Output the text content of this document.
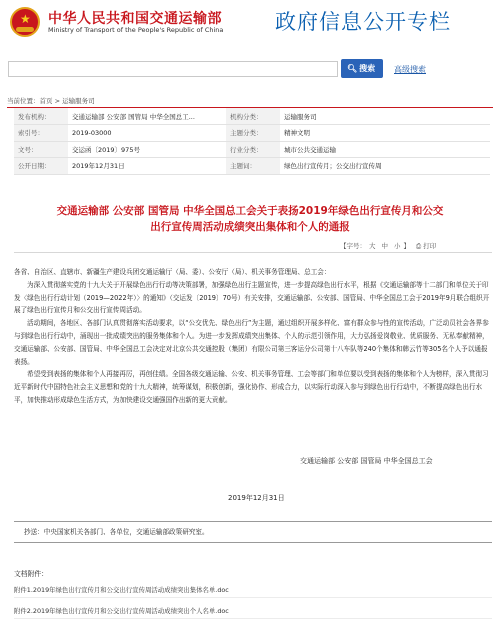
★ 中华人民共和国交通运输部
Ministry of Transport of the People's Republic of China 政府信息公开专栏
🔍︎ 搜索	高级搜索
当前位置：首页 > 运输服务司
发布机构：	交通运输部 公安部 国管局 中华全国总工...	机构分类：	运输服务司
索引号：	2019-03000	主题分类：	精神文明
文号：	交运函〔2019〕975号	行业分类：	城市公共交通运输
公开日期：	2019年12月31日	主题词：	绿色出行宣传月；公交出行宣传周
交通运输部 公安部 国管局 中华全国总工会关于表扬2019年绿色出行宣传月和公交
出行宣传周活动成绩突出集体和个人的通报
【字号： 大 中 小 】 ⎙ 打印

各省、自治区、直辖市、新疆生产建设兵团交通运输厅（局、委）、公安厅（局）、机关事务管理局、总工会：

为深入贯彻落实党的十九大关于开展绿色出行行动等决策部署，加强绿色出行主题宣传，进一步提高绿色出行水平，根据《交通运输部等十二部门和单位关于印发〈绿色出行行动计划（2019—2022年）〉的通知》（交运发〔2019〕70号）有关安排，交通运输部、公安部、国管局、中华全国总工会于2019年9月联合组织开展了绿色出行宣传月和公交出行宣传周活动。

活动期间，各地区、各部门认真贯彻落实活动要求，以“公交优先、绿色出行”为主题，通过组织开展多样化、富有群众参与性的宣传活动，广泛动员社会各界参与到绿色出行行动中，涌现出一批成绩突出的服务集体和个人。为进一步发挥成绩突出集体、个人的示范引领作用，大力弘扬爱岗敬业、优质服务、无私奉献精神，交通运输部、公安部、国管局、中华全国总工会决定对北京公共交通控股（集团）有限公司第三客运分公司第十八车队等240个集体和韩云竹等305名个人予以通报表扬。

希望受到表扬的集体和个人再接再厉，再创佳绩。全国各级交通运输、公安、机关事务管理、工会等部门和单位要以受到表扬的集体和个人为榜样，深入贯彻习近平新时代中国特色社会主义思想和党的十九大精神，统筹谋划，积极创新，强化协作、形成合力，以实际行动深入参与到绿色出行行动中，不断提高绿色出行水平，加快推动形成绿色生活方式，为加快建设交通强国作出新的更大贡献。

交通运输部 公安部 国管局 中华全国总工会
2019年12月31日
抄送：中央国家机关各部门、各单位，交通运输部政策研究室。
文档附件：
附件1.2019年绿色出行宣传月和公交出行宣传周活动成绩突出集体名单.doc
附件2.2019年绿色出行宣传月和公交出行宣传周活动成绩突出个人名单.doc
